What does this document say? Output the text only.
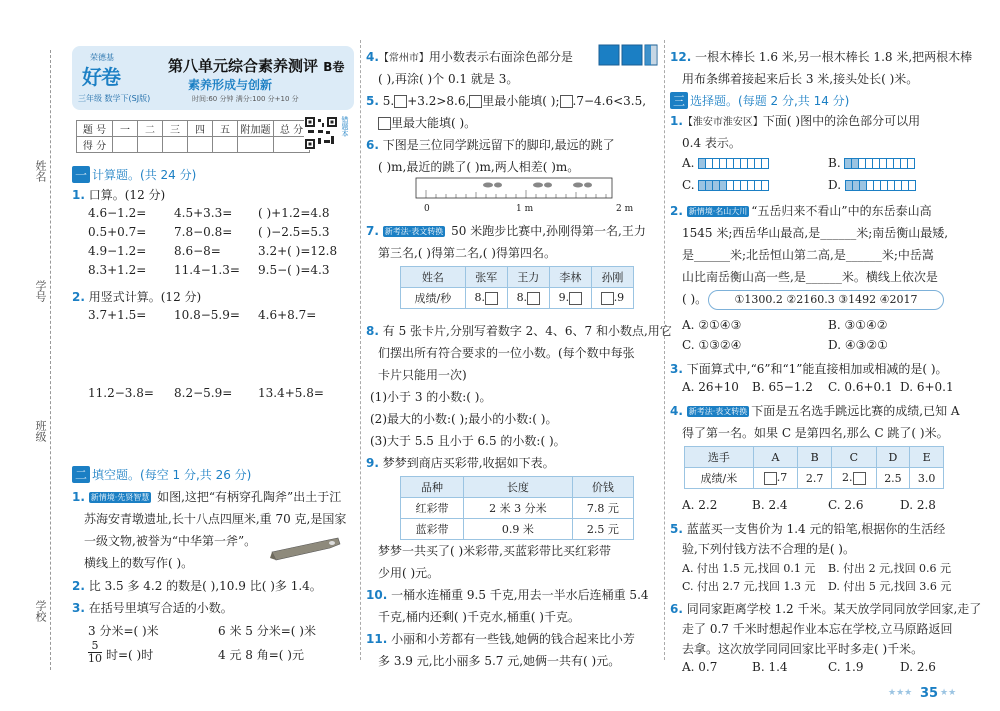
姓名
学号
班级
学校
荣德基
好卷
三年级 数学下(SJ版)
第八单元综合素养测评 B卷
素养形成与创新
时间:60 分钟 满分:100 分+10 分
题 号	一	二	三	四	五	附加题	总 分
得 分							
错题本
一 计算题。(共 24 分)
1. 口算。(12 分)
4.6−1.2= 4.5+3.3= ( )+1.2=4.8
0.5+0.7= 7.8−0.8= ( )−2.5=5.3
4.9−1.2= 8.6−8=	3.2+( )=12.8
8.3+1.2= 11.4−1.3= 9.5−( )=4.3
2. 用竖式计算。(12 分)
3.7+1.5= 10.8−5.9= 4.6+8.7=
11.2−3.8= 8.2−5.9= 13.4+5.8=
二 填空题。(每空 1 分,共 26 分)
1. 新情境·先贤智慧 如图,这把“有柄穿孔陶斧”出土于江
苏海安青墩遗址,长十八点四厘米,重 70 克,是国家
一级文物,被誉为“中华第一斧”。
横线上的数写作( )。
2. 比 3.5 多 4.2 的数是( ),10.9 比( )多 1.4。
3. 在括号里填写合适的小数。
3 分米=( )米	6 米 5 分米=( )米
$\frac{5}{10}$ 时=( )时	4 元 8 角=( )元
4.【常州市】用小数表示右面涂色部分是
( ),再涂( )个 0.1 就是 3。
5. 5. +3.2>8.6, 里最小能填( ); .7−4.6<3.5,
里最大能填( )。
6. 下图是三位同学跳远留下的脚印,最远的跳了
( )m,最近的跳了( )m,两人相差( )m。
0	1 m	2 m
7. 新考法·表文转换 50 米跑步比赛中,孙刚得第一名,王力
第三名,( )得第二名,( )得第四名。
姓名	张军	王力	李林	孙刚
成绩/秒	8.	8.	9.	.9
8. 有 5 张卡片,分别写着数字 2、4、6、7 和小数点,用它
们摆出所有符合要求的一位小数。(每个数中每张
卡片只能用一次)
(1)小于 3 的小数:( )。
(2)最大的小数:( );最小的小数:( )。
(3)大于 5.5 且小于 6.5 的小数:( )。
9. 梦梦到商店买彩带,收据如下表。
品种	长度	价钱
红彩带	2 米 3 分米	7.8 元
蓝彩带	0.9 米	2.5 元
梦梦一共买了( )米彩带,买蓝彩带比买红彩带
少用( )元。
10. 一桶水连桶重 9.5 千克,用去一半水后连桶重 5.4
千克,桶内还剩( )千克水,桶重( )千克。
11. 小丽和小芳都有一些钱,她俩的钱合起来比小芳
多 3.9 元,比小丽多 5.7 元,她俩一共有( )元。
12. 一根木棒长 1.6 米,另一根木棒长 1.8 米,把两根木棒
用布条绑着接起来后长 3 米,接头处长( )米。
三 选择题。(每题 2 分,共 14 分)
1.【淮安市淮安区】下面( )图中的涂色部分可以用
0.4 表示。
A.	B.
C.	D.
2. 新情境·名山大川 “五岳归来不看山”中的东岳泰山高
1545 米;西岳华山最高,是______米;南岳衡山最矮,
是______米;北岳恒山第二高,是______米;中岳嵩
山比南岳衡山高一些,是______米。横线上依次是
( )。	①1300.2 ②2160.3 ③1492 ④2017
A. ②①④③	B. ③①④②
C. ①③②④	D. ④③②①
3. 下面算式中,“6”和“1”能直接相加或相减的是( )。
A. 26+10 B. 65−1.2 C. 0.6+0.1 D. 6+0.1
4. 新考法·表文转换 下面是五名选手跳远比赛的成绩,已知 A
得了第一名。如果 C 是第四名,那么 C 跳了( )米。
选手	A	B	C	D	E
成绩/米	.7	2.7	2.	2.5	3.0
A. 2.2	B. 2.4	C. 2.6	D. 2.8
5. 蓝蓝买一支售价为 1.4 元的铅笔,根据你的生活经
验,下列付钱方法不合理的是( )。
A. 付出 1.5 元,找回 0.1 元 B. 付出 2 元,找回 0.6 元
C. 付出 2.7 元,找回 1.3 元 D. 付出 5 元,找回 3.6 元
6. 同同家距离学校 1.2 千米。某天放学同同放学回家,走了
走了 0.7 千米时想起作业本忘在学校,立马原路返回
去拿。这次放学同同回家比平时多走( )千米。
A. 0.7	B. 1.4	C. 1.9	D. 2.6
★★★ 35 ★★
